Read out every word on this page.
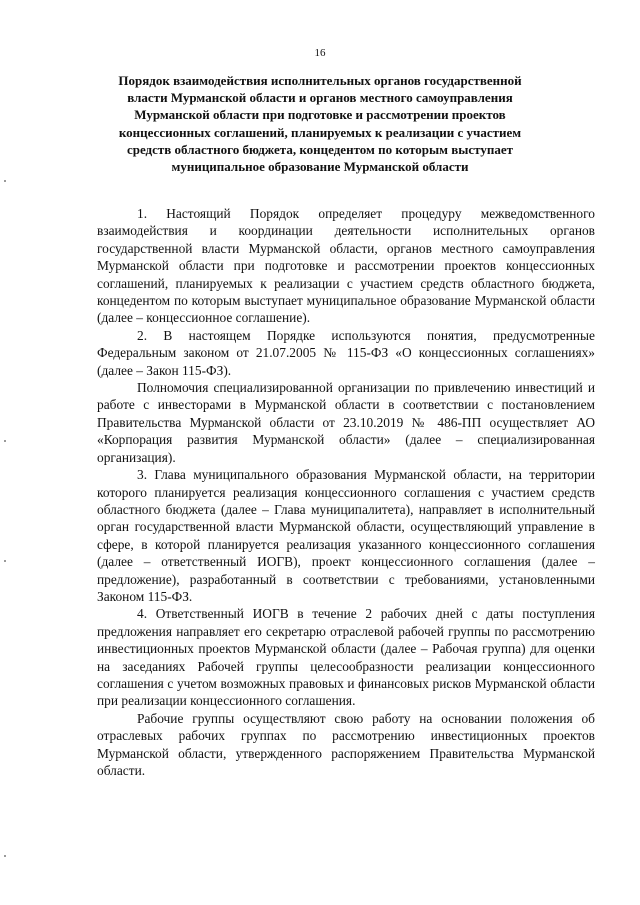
16
Порядок взаимодействия исполнительных органов государственной власти Мурманской области и органов местного самоуправления Мурманской области при подготовке и рассмотрении проектов концессионных соглашений, планируемых к реализации с участием средств областного бюджета, концедентом по которым выступает муниципальное образование Мурманской области

1. Настоящий Порядок определяет процедуру межведомственного взаимодействия и координации деятельности исполнительных органов государственной власти Мурманской области, органов местного самоуправления Мурманской области при подготовке и рассмотрении проектов концессионных соглашений, планируемых к реализации с участием средств областного бюджета, концедентом по которым выступает муниципальное образование Мурманской области (далее – концессионное соглашение).

2. В настоящем Порядке используются понятия, предусмотренные Федеральным законом от 21.07.2005 № 115-ФЗ «О концессионных соглашениях» (далее – Закон 115-ФЗ).

Полномочия специализированной организации по привлечению инвестиций и работе с инвесторами в Мурманской области в соответствии с постановлением Правительства Мурманской области от 23.10.2019 № 486-ПП осуществляет АО «Корпорация развития Мурманской области» (далее – специализированная организация).

3. Глава муниципального образования Мурманской области, на территории которого планируется реализация концессионного соглашения с участием средств областного бюджета (далее – Глава муниципалитета), направляет в исполнительный орган государственной власти Мурманской области, осуществляющий управление в сфере, в которой планируется реализация указанного концессионного соглашения (далее – ответственный ИОГВ), проект концессионного соглашения (далее – предложение), разработанный в соответствии с требованиями, установленными Законом 115-ФЗ.

4. Ответственный ИОГВ в течение 2 рабочих дней с даты поступления предложения направляет его секретарю отраслевой рабочей группы по рассмотрению инвестиционных проектов Мурманской области (далее – Рабочая группа) для оценки на заседаниях Рабочей группы целесообразности реализации концессионного соглашения с учетом возможных правовых и финансовых рисков Мурманской области при реализации концессионного соглашения.

Рабочие группы осуществляют свою работу на основании положения об отраслевых рабочих группах по рассмотрению инвестиционных проектов Мурманской области, утвержденного распоряжением Правительства Мурманской области.
